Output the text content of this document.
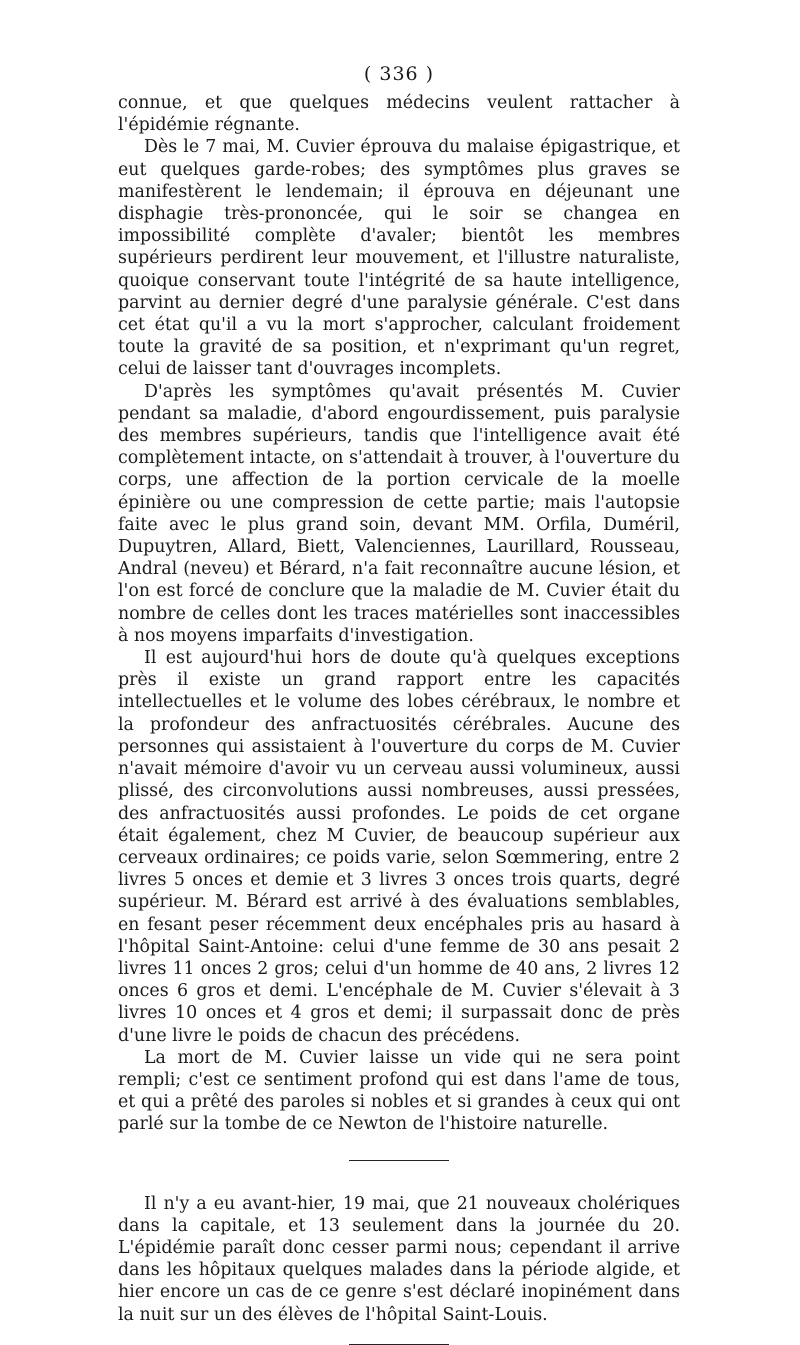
( 336 )

connue, et que quelques médecins veulent rattacher à l'épidémie régnante.

Dès le 7 mai, M. Cuvier éprouva du malaise épigastrique, et eut quelques garde-robes; des symptômes plus graves se manifestèrent le lendemain; il éprouva en déjeunant une disphagie très-prononcée, qui le soir se changea en impossibilité complète d'avaler; bientôt les membres supérieurs perdirent leur mouvement, et l'illustre naturaliste, quoique conservant toute l'intégrité de sa haute intelligence, parvint au dernier degré d'une paralysie générale. C'est dans cet état qu'il a vu la mort s'approcher, calculant froidement toute la gravité de sa position, et n'exprimant qu'un regret, celui de laisser tant d'ouvrages incomplets.

D'après les symptômes qu'avait présentés M. Cuvier pendant sa maladie, d'abord engourdissement, puis paralysie des membres supérieurs, tandis que l'intelligence avait été complètement intacte, on s'attendait à trouver, à l'ouverture du corps, une affection de la portion cervicale de la moelle épinière ou une compression de cette partie; mais l'autopsie faite avec le plus grand soin, devant MM. Orfila, Duméril, Dupuytren, Allard, Biett, Valenciennes, Laurillard, Rousseau, Andral (neveu) et Bérard, n'a fait reconnaître aucune lésion, et l'on est forcé de conclure que la maladie de M. Cuvier était du nombre de celles dont les traces matérielles sont inaccessibles à nos moyens imparfaits d'investigation.

Il est aujourd'hui hors de doute qu'à quelques exceptions près il existe un grand rapport entre les capacités intellectuelles et le volume des lobes cérébraux, le nombre et la profondeur des anfractuosités cérébrales. Aucune des personnes qui assistaient à l'ouverture du corps de M. Cuvier n'avait mémoire d'avoir vu un cerveau aussi volumineux, aussi plissé, des circonvolutions aussi nombreuses, aussi pressées, des anfractuosités aussi profondes. Le poids de cet organe était également, chez M Cuvier, de beaucoup supérieur aux cerveaux ordinaires; ce poids varie, selon Sœmmering, entre 2 livres 5 onces et demie et 3 livres 3 onces trois quarts, degré supérieur. M. Bérard est arrivé à des évaluations semblables, en fesant peser récemment deux encéphales pris au hasard à l'hôpital Saint-Antoine: celui d'une femme de 30 ans pesait 2 livres 11 onces 2 gros; celui d'un homme de 40 ans, 2 livres 12 onces 6 gros et demi. L'encéphale de M. Cuvier s'élevait à 3 livres 10 onces et 4 gros et demi; il surpassait donc de près d'une livre le poids de chacun des précédens.

La mort de M. Cuvier laisse un vide qui ne sera point rempli; c'est ce sentiment profond qui est dans l'ame de tous, et qui a prêté des paroles si nobles et si grandes à ceux qui ont parlé sur la tombe de ce Newton de l'histoire naturelle.

Il n'y a eu avant-hier, 19 mai, que 21 nouveaux cholériques dans la capitale, et 13 seulement dans la journée du 20. L'épidémie paraît donc cesser parmi nous; cependant il arrive dans les hôpitaux quelques malades dans la période algide, et hier encore un cas de ce genre s'est déclaré inopinément dans la nuit sur un des élèves de l'hôpital Saint-Louis.
